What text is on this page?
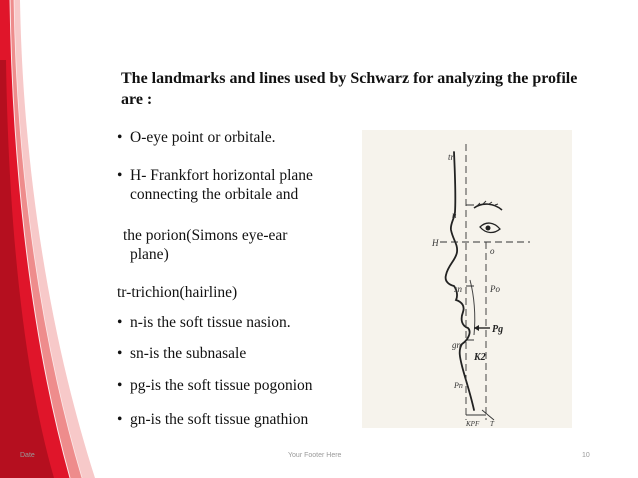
The landmarks and lines used by Schwarz for analyzing the profile are :
• O-eye point or orbitale.
• H- Frankfort horizontal plane
connecting the orbitale and
the porion(Simons eye-ear
plane)
tr-trichion(hairline)
• n-is the soft tissue nasion.
• sn-is the subnasale
• pg-is the soft tissue pogonion
• gn-is the soft tissue gnathion
tr
n
H
o
sn	Po
Pg
gn
K2
Pn
KPF T
Date	Your Footer Here	10
